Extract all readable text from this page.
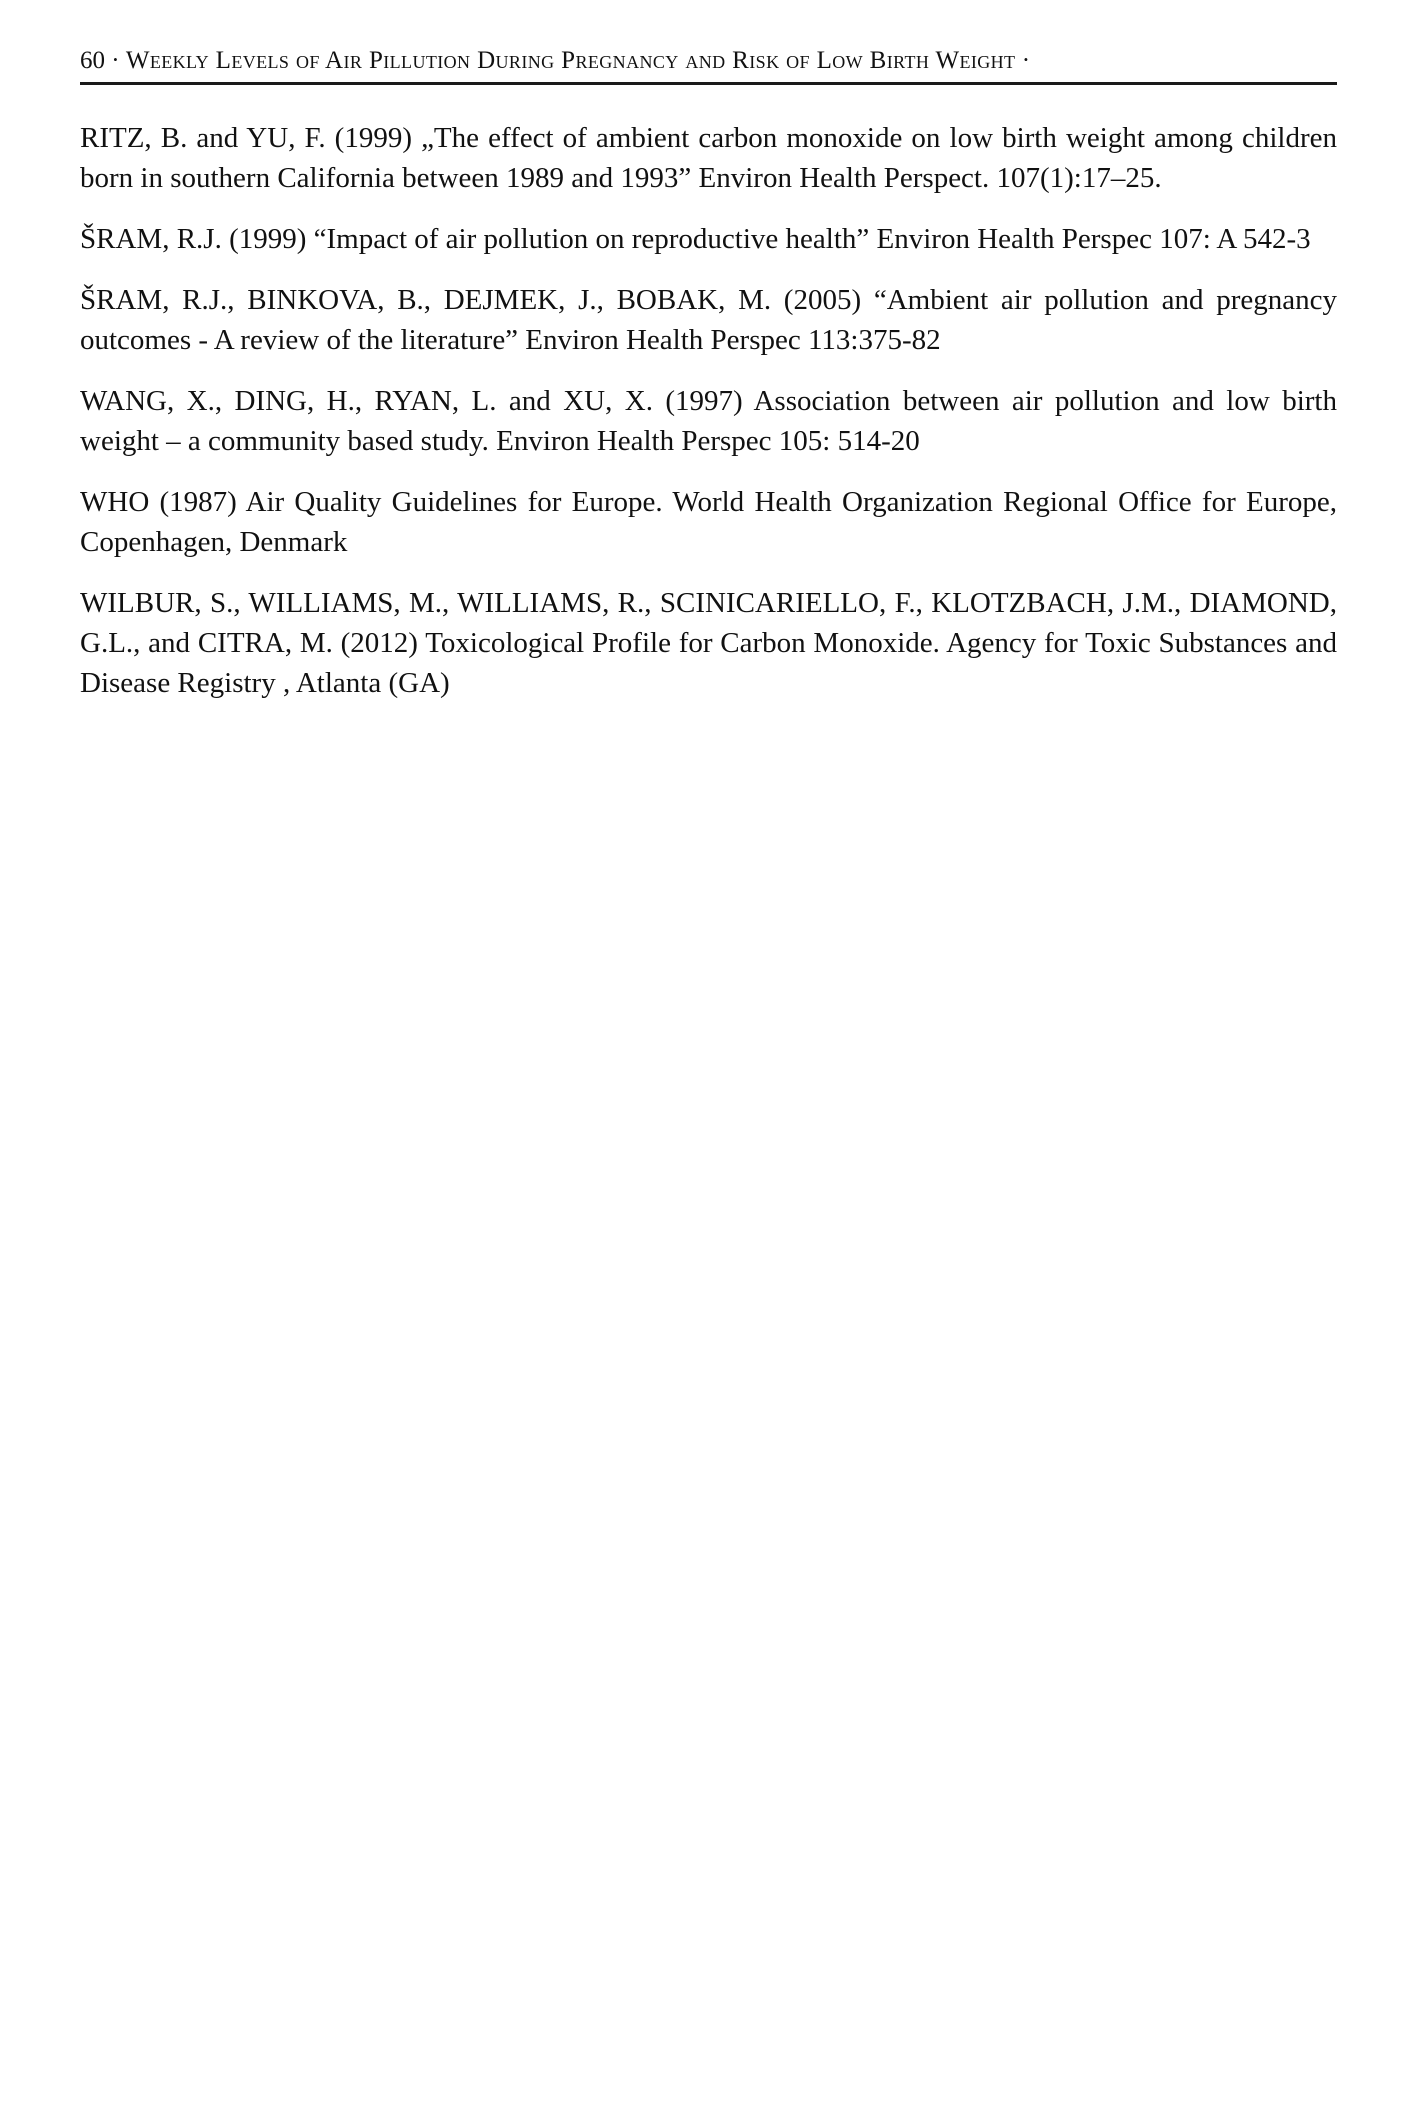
60 · Weekly Levels of Air Pillution During Pregnancy and Risk of Low Birth Weight ·

RITZ, B. and YU, F. (1999) „The effect of ambient carbon monoxide on low birth weight among children born in southern California between 1989 and 1993” Environ Health Perspect. 107(1):17–25.

ŠRAM, R.J. (1999) “Impact of air pollution on reproductive health” Environ Health Perspec 107: A 542-3

ŠRAM, R.J., BINKOVA, B., DEJMEK, J., BOBAK, M. (2005) “Ambient air pollution and pregnancy outcomes - A review of the literature” Environ Health Perspec 113:375-82

WANG, X., DING, H., RYAN, L. and XU, X. (1997) Association between air pollution and low birth weight – a community based study. Environ Health Perspec 105: 514-20

WHO (1987) Air Quality Guidelines for Europe. World Health Organization Regional Office for Europe, Copenhagen, Denmark

WILBUR, S., WILLIAMS, M., WILLIAMS, R., SCINICARIELLO, F., KLOTZBACH, J.M., DIAMOND, G.L., and CITRA, M. (2012) Toxicological Profile for Carbon Monoxide. Agency for Toxic Substances and Disease Registry , Atlanta (GA)
